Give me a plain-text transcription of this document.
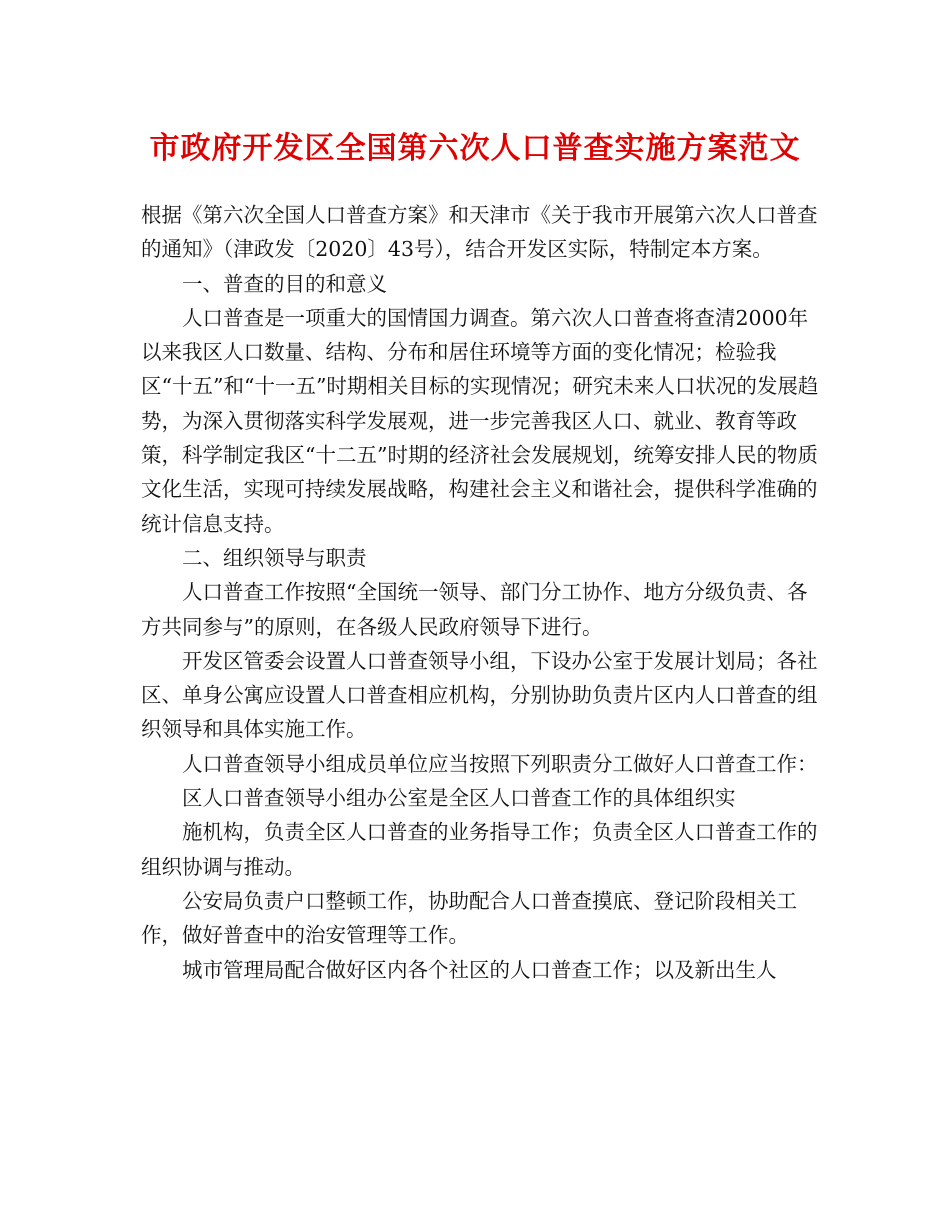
市政府开发区全国第六次人口普查实施方案范文

根据《第六次全国人口普查方案》和天津市《关于我市开展第六次人口普查的通知》（津政发〔2020〕43号），结合开发区实际，特制定本方案。

一、普查的目的和意义

人口普查是一项重大的国情国力调查。第六次人口普查将查清2000年以来我区人口数量、结构、分布和居住环境等方面的变化情况；检验我区“十五”和“十一五”时期相关目标的实现情况；研究未来人口状况的发展趋势，为深入贯彻落实科学发展观，进一步完善我区人口、就业、教育等政策，科学制定我区“十二五”时期的经济社会发展规划，统筹安排人民的物质文化生活，实现可持续发展战略，构建社会主义和谐社会，提供科学准确的统计信息支持。

二、组织领导与职责

人口普查工作按照“全国统一领导、部门分工协作、地方分级负责、各方共同参与”的原则，在各级人民政府领导下进行。

开发区管委会设置人口普查领导小组，下设办公室于发展计划局；各社区、单身公寓应设置人口普查相应机构，分别协助负责片区内人口普查的组织领导和具体实施工作。

人口普查领导小组成员单位应当按照下列职责分工做好人口普查工作：

区人口普查领导小组办公室是全区人口普查工作的具体组织实

施机构，负责全区人口普查的业务指导工作；负责全区人口普查工作的组织协调与推动。

公安局负责户口整顿工作，协助配合人口普查摸底、登记阶段相关工作，做好普查中的治安管理等工作。

城市管理局配合做好区内各个社区的人口普查工作；以及新出生人
